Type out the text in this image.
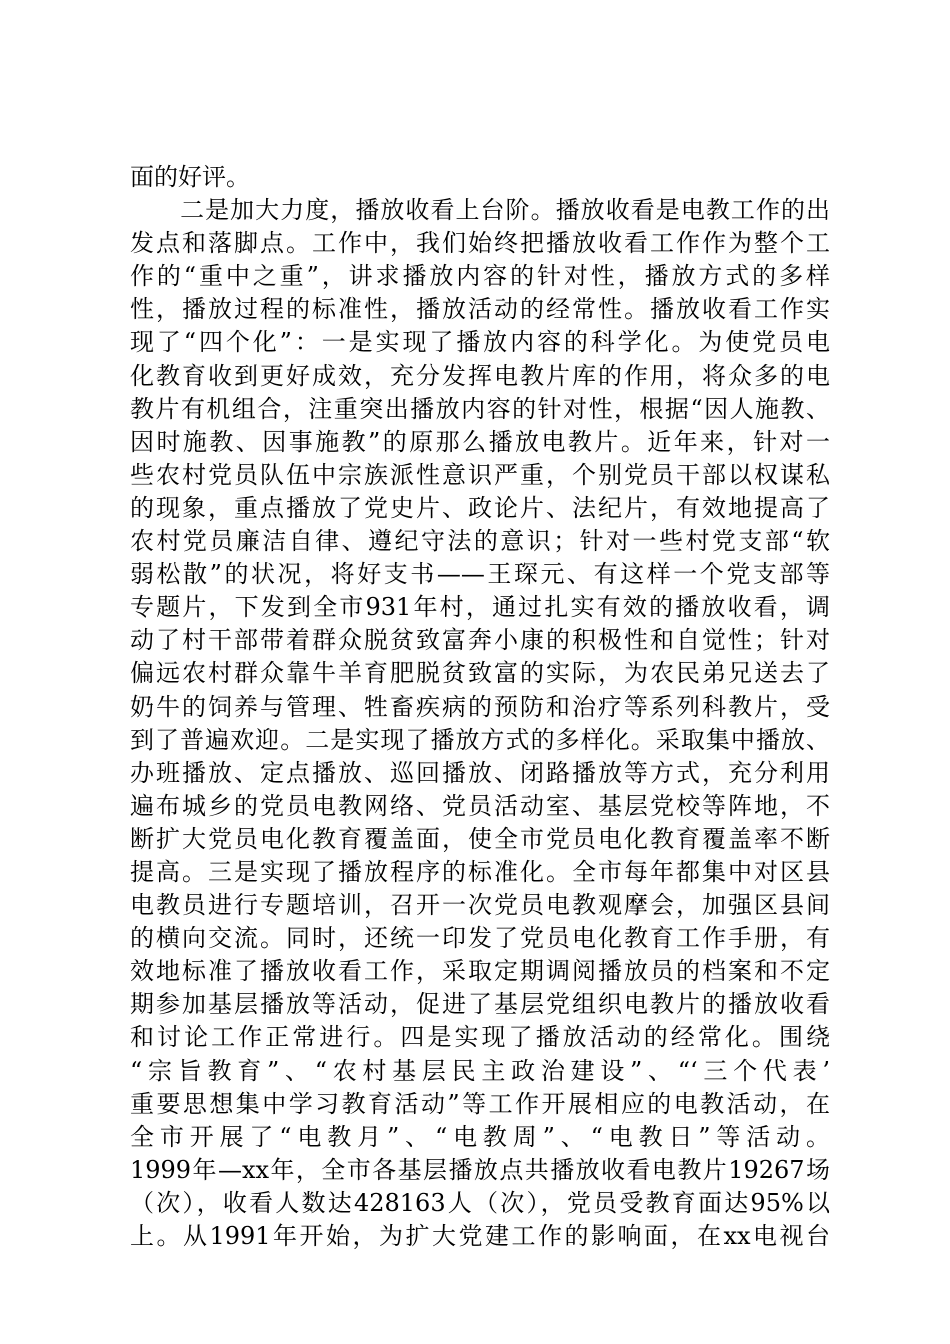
面的好评。
　　二是加大力度，播放收看上台阶。播放收看是电教工作的出
发点和落脚点。工作中，我们始终把播放收看工作作为整个工
作的“重中之重”，讲求播放内容的针对性，播放方式的多样
性，播放过程的标准性，播放活动的经常性。播放收看工作实
现了“四个化”：一是实现了播放内容的科学化。为使党员电
化教育收到更好成效，充分发挥电教片库的作用，将众多的电
教片有机组合，注重突出播放内容的针对性，根据“因人施教、
因时施教、因事施教”的原那么播放电教片。近年来，针对一
些农村党员队伍中宗族派性意识严重，个别党员干部以权谋私
的现象，重点播放了党史片、政论片、法纪片，有效地提高了
农村党员廉洁自律、遵纪守法的意识；针对一些村党支部“软
弱松散”的状况，将好支书——王琛元、有这样一个党支部等
专题片，下发到全市931年村，通过扎实有效的播放收看，调
动了村干部带着群众脱贫致富奔小康的积极性和自觉性；针对
偏远农村群众靠牛羊育肥脱贫致富的实际，为农民弟兄送去了
奶牛的饲养与管理、牲畜疾病的预防和治疗等系列科教片，受
到了普遍欢迎。二是实现了播放方式的多样化。采取集中播放、
办班播放、定点播放、巡回播放、闭路播放等方式，充分利用
遍布城乡的党员电教网络、党员活动室、基层党校等阵地，不
断扩大党员电化教育覆盖面，使全市党员电化教育覆盖率不断
提高。三是实现了播放程序的标准化。全市每年都集中对区县
电教员进行专题培训，召开一次党员电教观摩会，加强区县间
的横向交流。同时，还统一印发了党员电化教育工作手册，有
效地标准了播放收看工作，采取定期调阅播放员的档案和不定
期参加基层播放等活动，促进了基层党组织电教片的播放收看
和讨论工作正常进行。四是实现了播放活动的经常化。围绕
“宗旨教育”、“农村基层民主政治建设”、“‘三个代表’
重要思想集中学习教育活动”等工作开展相应的电教活动，在
全市开展了“电教月”、“电教周”、“电教日”等活动。
1999年—xx年，全市各基层播放点共播放收看电教片19267场
（次），收看人数达428163人（次），党员受教育面达95%以
上。从1991年开始，为扩大党建工作的影响面，在xx电视台
